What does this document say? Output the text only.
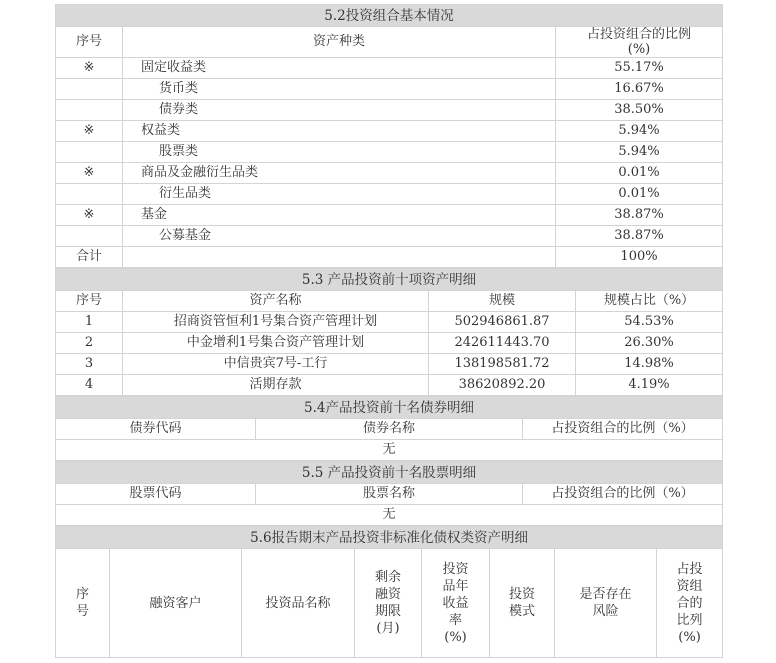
5.2投资组合基本情况		
序号	资产种类	占投资组合的比例
(%)
※	固定收益类	55.17%
	货币类	16.67%
	债券类	38.50%
※	权益类	5.94%
	股票类	5.94%
※	商品及金融衍生品类	0.01%
	衍生品类	0.01%
※	基金	38.87%
	公募基金	38.87%
合计		100%
5.3 产品投资前十项资产明细			
序号	资产名称	规模	规模占比（%）
1	招商资管恒利1号集合资产管理计划	502946861.87	54.53%
2	中金增利1号集合资产管理计划	242611443.70	26.30%
3	中信贵宾7号-工行	138198581.72	14.98%
4	活期存款	38620892.20	4.19%
5.4产品投资前十名债券明细
债券代码	债券名称	占投资组合的比例（%）
无
5.5 产品投资前十名股票明细
股票代码	股票名称	占投资组合的比例（%）
无
5.6报告期末产品投资非标准化债权类资产明细
序号	融资客户	投资品名称	剩余融资期限(月)	投资品年收益率(%)	投资模式	是否存在风险	占投资组合的比列(%)
